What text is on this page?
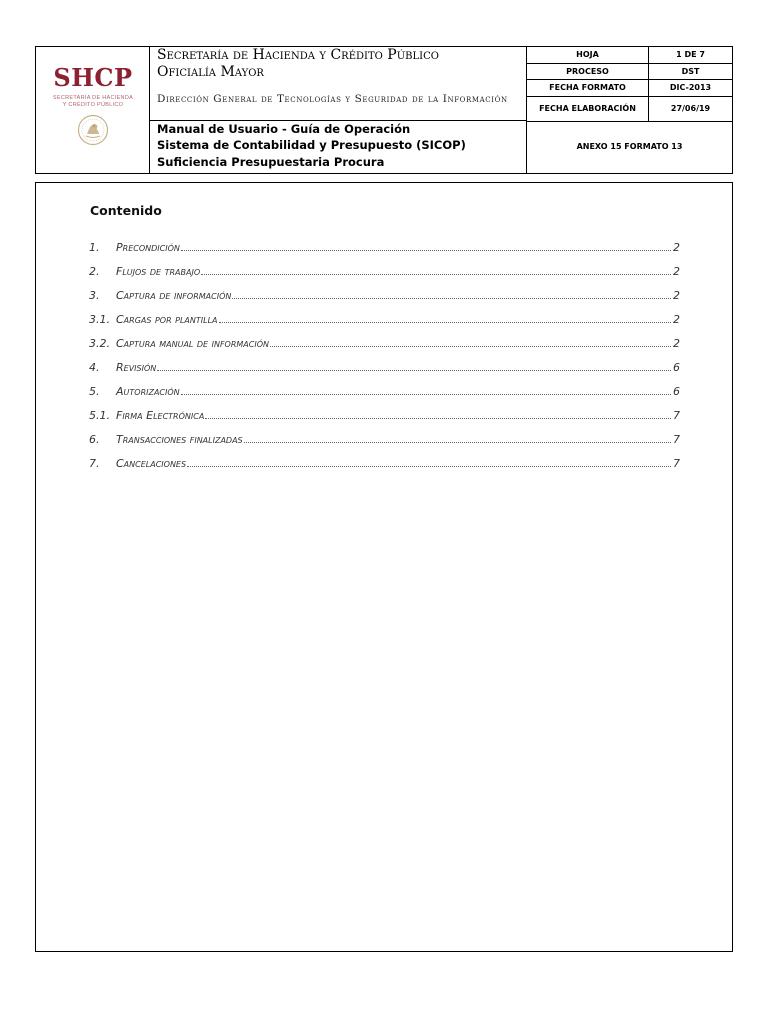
SHCP
SECRETARÍA DE HACIENDA
Y CRÉDITO PÚBLICO
Secretaría de Hacienda y Crédito Público
Oficialía Mayor
Dirección General de Tecnologías y Seguridad de la Información
Manual de Usuario - Guía de Operación
Sistema de Contabilidad y Presupuesto (SICOP)
Suficiencia Presupuestaria Procura
HOJA	1 DE 7
PROCESO	DST
FECHA FORMATO	DIC-2013
FECHA ELABORACIÓN	27/06/19
ANEXO 15 FORMATO 13
Contenido
1.	Precondición	2
2.	Flujos de trabajo	2
3.	Captura de información	2
3.1. Cargas por plantilla	2
3.2. Captura manual de información	2
4.	Revisión	6
5.	Autorización	6
5.1. Firma Electrónica	7
6.	Transacciones finalizadas	7
7.	Cancelaciones	7
